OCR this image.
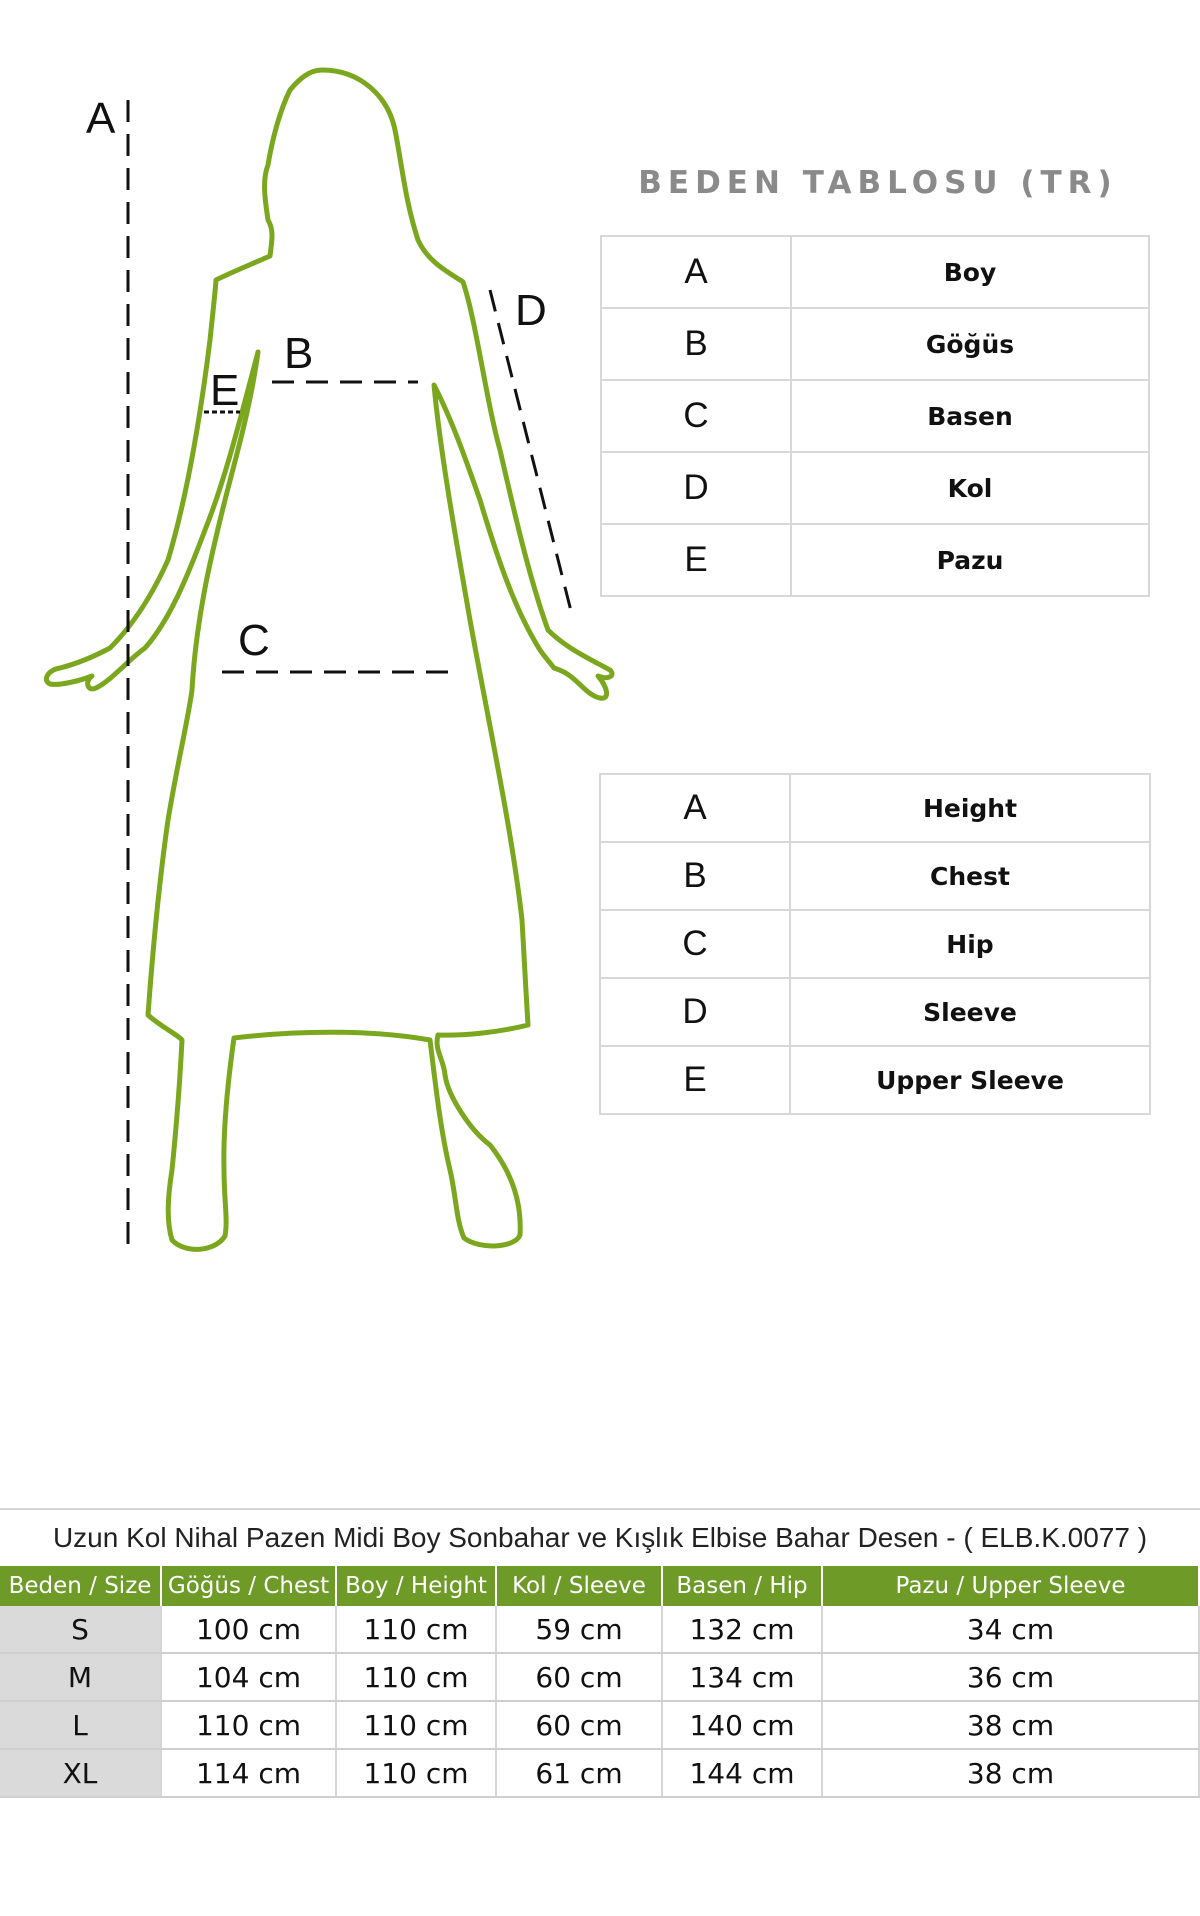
A
B
E
C
D
BEDEN TABLOSU (TR)
A	Boy
B	Göğüs
C	Basen
D	Kol
E	Pazu
A	Height
B	Chest
C	Hip
D	Sleeve
E	Upper Sleeve
Uzun Kol Nihal Pazen Midi Boy Sonbahar ve Kışlık Elbise Bahar Desen - ( ELB.K.0077 )
Beden / Size	Göğüs / Chest	Boy / Height	Kol / Sleeve	Basen / Hip	Pazu / Upper Sleeve
S	100 cm	110 cm	59 cm	132 cm	34 cm
M	104 cm	110 cm	60 cm	134 cm	36 cm
L	110 cm	110 cm	60 cm	140 cm	38 cm
XL	114 cm	110 cm	61 cm	144 cm	38 cm
